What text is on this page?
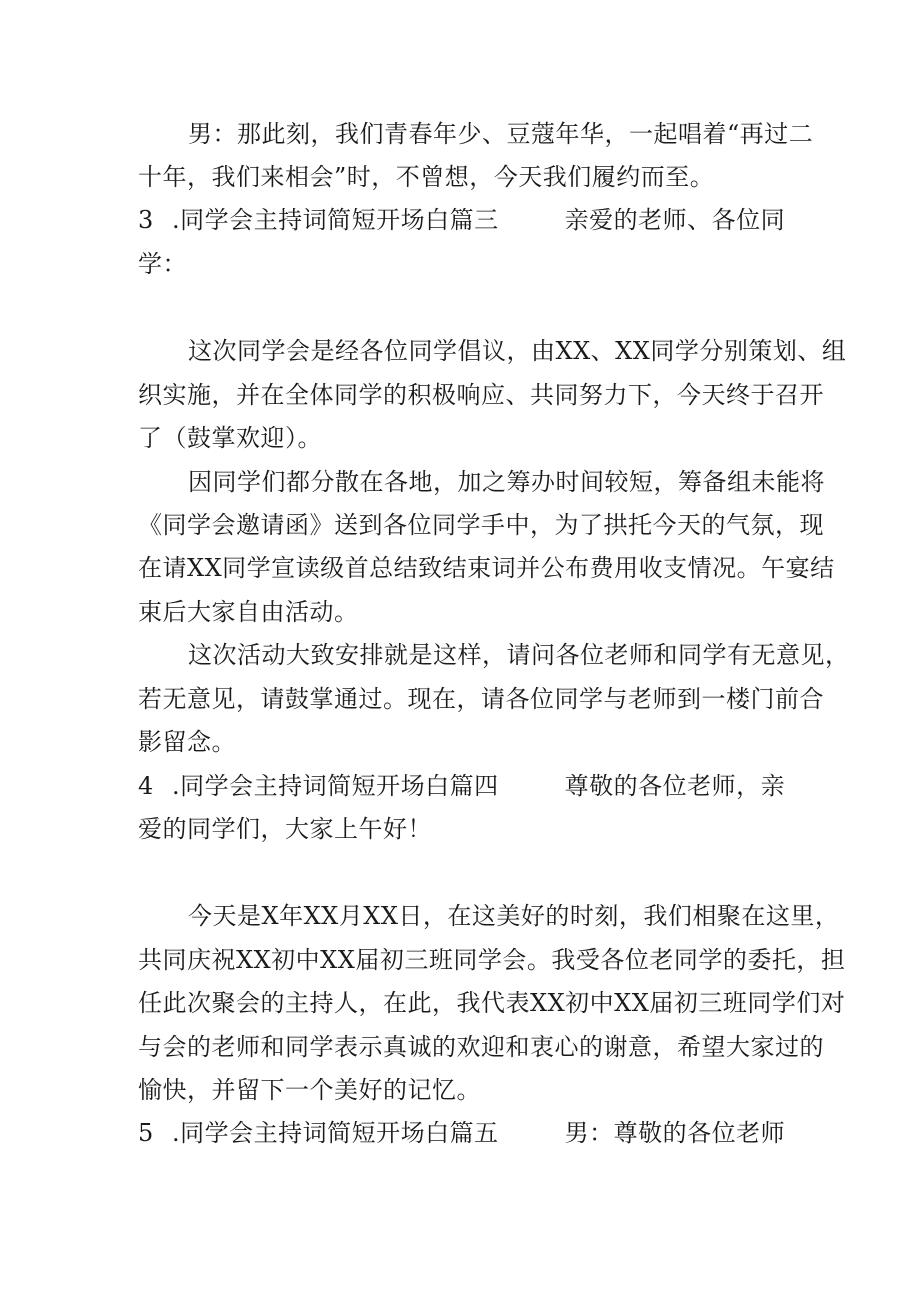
男：那此刻，我们青春年少、豆蔻年华，一起唱着“再过二
十年，我们来相会”时，不曾想，今天我们履约而至。
3 .同学会主持词简短开场白篇三	亲爱的老师、各位同
学：
这次同学会是经各位同学倡议，由XX、XX同学分别策划、组
织实施，并在全体同学的积极响应、共同努力下，今天终于召开
了（鼓掌欢迎）。
因同学们都分散在各地，加之筹办时间较短，筹备组未能将
《同学会邀请函》送到各位同学手中，为了拱托今天的气氛，现
在请XX同学宣读级首总结致结束词并公布费用收支情况。午宴结
束后大家自由活动。
这次活动大致安排就是这样，请问各位老师和同学有无意见，
若无意见，请鼓掌通过。现在，请各位同学与老师到一楼门前合
影留念。
4 .同学会主持词简短开场白篇四	尊敬的各位老师，亲
爱的同学们，大家上午好！
今天是X年XX月XX日，在这美好的时刻，我们相聚在这里，
共同庆祝XX初中XX届初三班同学会。我受各位老同学的委托，担
任此次聚会的主持人，在此，我代表XX初中XX届初三班同学们对
与会的老师和同学表示真诚的欢迎和衷心的谢意，希望大家过的
愉快，并留下一个美好的记忆。
5 .同学会主持词简短开场白篇五	男：尊敬的各位老师
